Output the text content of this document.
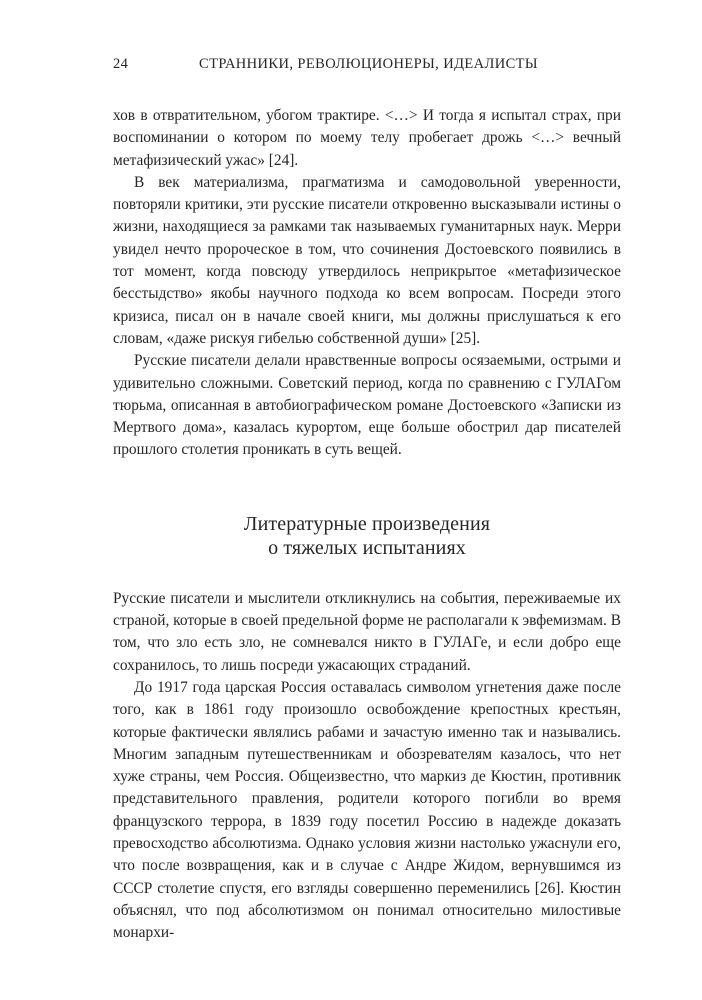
24	СТРАННИКИ, РЕВОЛЮЦИОНЕРЫ, ИДЕАЛИСТЫ

хов в отвратительном, убогом трактире. <…> И тогда я испытал страх, при воспоминании о котором по моему телу пробегает дрожь <…> вечный метафизический ужас» [24].

В век материализма, прагматизма и самодовольной уверенности, повторяли критики, эти русские писатели откровенно высказывали истины о жизни, находящиеся за рамками так называемых гуманитарных наук. Мерри увидел нечто пророческое в том, что сочинения Достоевского появились в тот момент, когда повсюду утвердилось неприкрытое «метафизическое бесстыдство» якобы научного подхода ко всем вопросам. Посреди этого кризиса, писал он в начале своей книги, мы должны прислушаться к его словам, «даже рискуя гибелью собственной души» [25].

Русские писатели делали нравственные вопросы осязаемыми, острыми и удивительно сложными. Советский период, когда по сравнению с ГУЛАГом тюрьма, описанная в автобиографическом романе Достоевского «Записки из Мертвого дома», казалась курортом, еще больше обострил дар писателей прошлого столетия проникать в суть вещей.

Литературные произведения
о тяжелых испытаниях

Русские писатели и мыслители откликнулись на события, переживаемые их страной, которые в своей предельной форме не располагали к эвфемизмам. В том, что зло есть зло, не сомневался никто в ГУЛАГе, и если добро еще сохранилось, то лишь посреди ужасающих страданий.

До 1917 года царская Россия оставалась символом угнетения даже после того, как в 1861 году произошло освобождение крепостных крестьян, которые фактически являлись рабами и зачастую именно так и назывались. Многим западным путешественникам и обозревателям казалось, что нет хуже страны, чем Россия. Общеизвестно, что маркиз де Кюстин, противник представительного правления, родители которого погибли во время французского террора, в 1839 году посетил Россию в надежде доказать превосходство абсолютизма. Однако условия жизни настолько ужаснули его, что после возвращения, как и в случае с Андре Жидом, вернувшимся из СССР столетие спустя, его взгляды совершенно переменились [26]. Кюстин объяснял, что под абсолютизмом он понимал относительно милостивые монархи-
